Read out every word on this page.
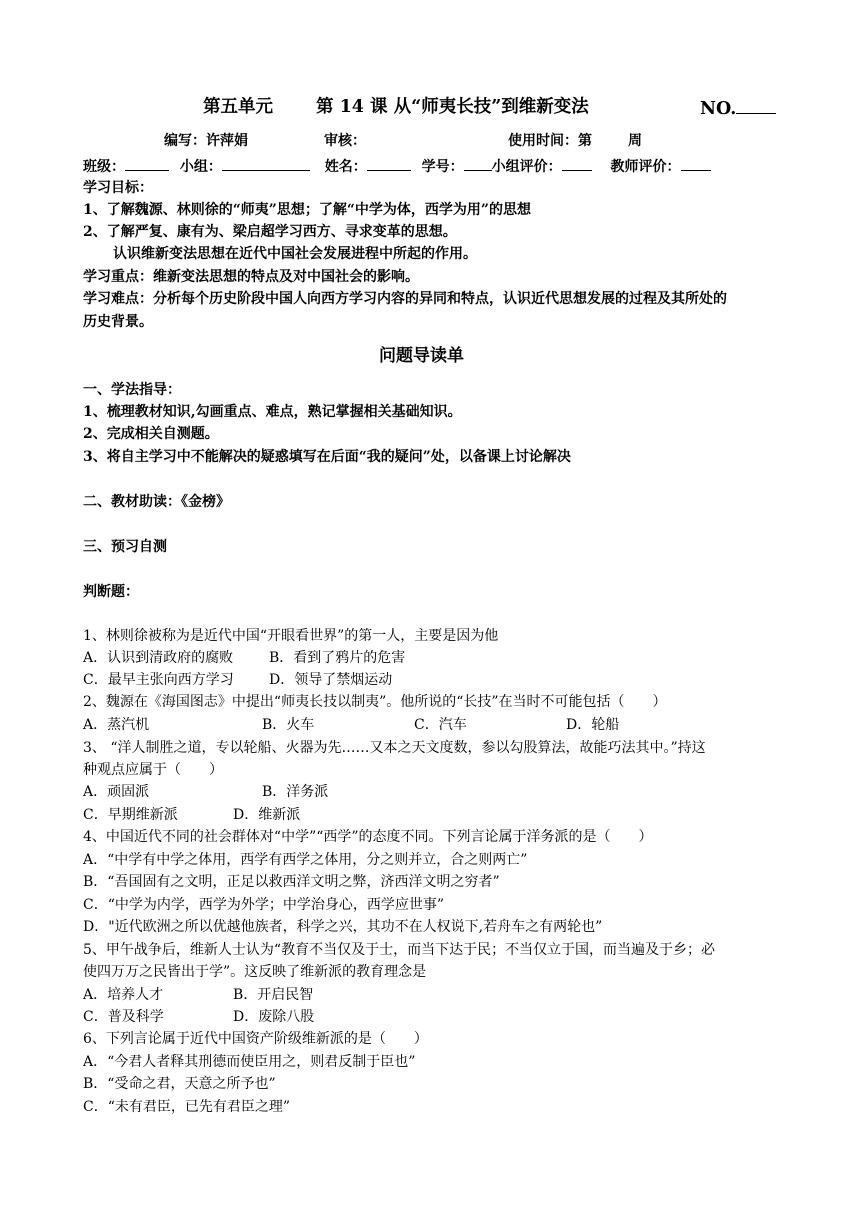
第五单元 第 14 课 从“师夷长技”到维新变法	NO.
编写：许萍娟	审核：	使用时间：第	周
班级：	小组：	姓名：	学号： 小组评价：	教师评价：
学习目标：
1、了解魏源、林则徐的“师夷”思想；了解“中学为体，西学为用”的思想
2、了解严复、康有为、梁启超学习西方、寻求变革的思想。
认识维新变法思想在近代中国社会发展进程中所起的作用。
学习重点：维新变法思想的特点及对中国社会的影响。
学习难点：分析每个历史阶段中国人向西方学习内容的异同和特点，认识近代思想发展的过程及其所处的
历史背景。
问题导读单
一、学法指导：
1、梳理教材知识,勾画重点、难点，熟记掌握相关基础知识。
2、完成相关自测题。
3、将自主学习中不能解决的疑惑填写在后面“我的疑问”处，以备课上讨论解决
二、教材助读：《金榜》
三、预习自测
判断题：
1、林则徐被称为是近代中国“开眼看世界”的第一人，主要是因为他
A．认识到清政府的腐败	B．看到了鸦片的危害
C．最早主张向西方学习	D．领导了禁烟运动
2、魏源在《海国图志》中提出“师夷长技以制夷”。他所说的“长技”在当时不可能包括（　　）
A．蒸汽机	B．火车	C．汽车	D．轮船
3、 “洋人制胜之道，专以轮船、火器为先……又本之天文度数，参以勾股算法，故能巧法其中。”持这
种观点应属于（　　）
A．顽固派	B．洋务派
C．早期维新派	D．维新派
4、中国近代不同的社会群体对“中学”“西学”的态度不同。下列言论属于洋务派的是（　　）
A．“中学有中学之体用，西学有西学之体用，分之则并立，合之则两亡”
B．“吾国固有之文明，正足以救西洋文明之弊，济西洋文明之穷者”
C．“中学为内学，西学为外学；中学治身心，西学应世事”
D．"近代欧洲之所以优越他族者，科学之兴，其功不在人权说下,若舟车之有两轮也”
5、甲午战争后，维新人士认为“教育不当仅及于士，而当下达于民；不当仅立于国，而当遍及于乡；必
使四万万之民皆出于学”。这反映了维新派的教育理念是
A．培养人才	B．开启民智
C．普及科学	D．废除八股
6、下列言论属于近代中国资产阶级维新派的是（　　）
A．“今君人者释其刑德而使臣用之，则君反制于臣也”
B．“受命之君，天意之所予也”
C．“未有君臣，已先有君臣之理”
